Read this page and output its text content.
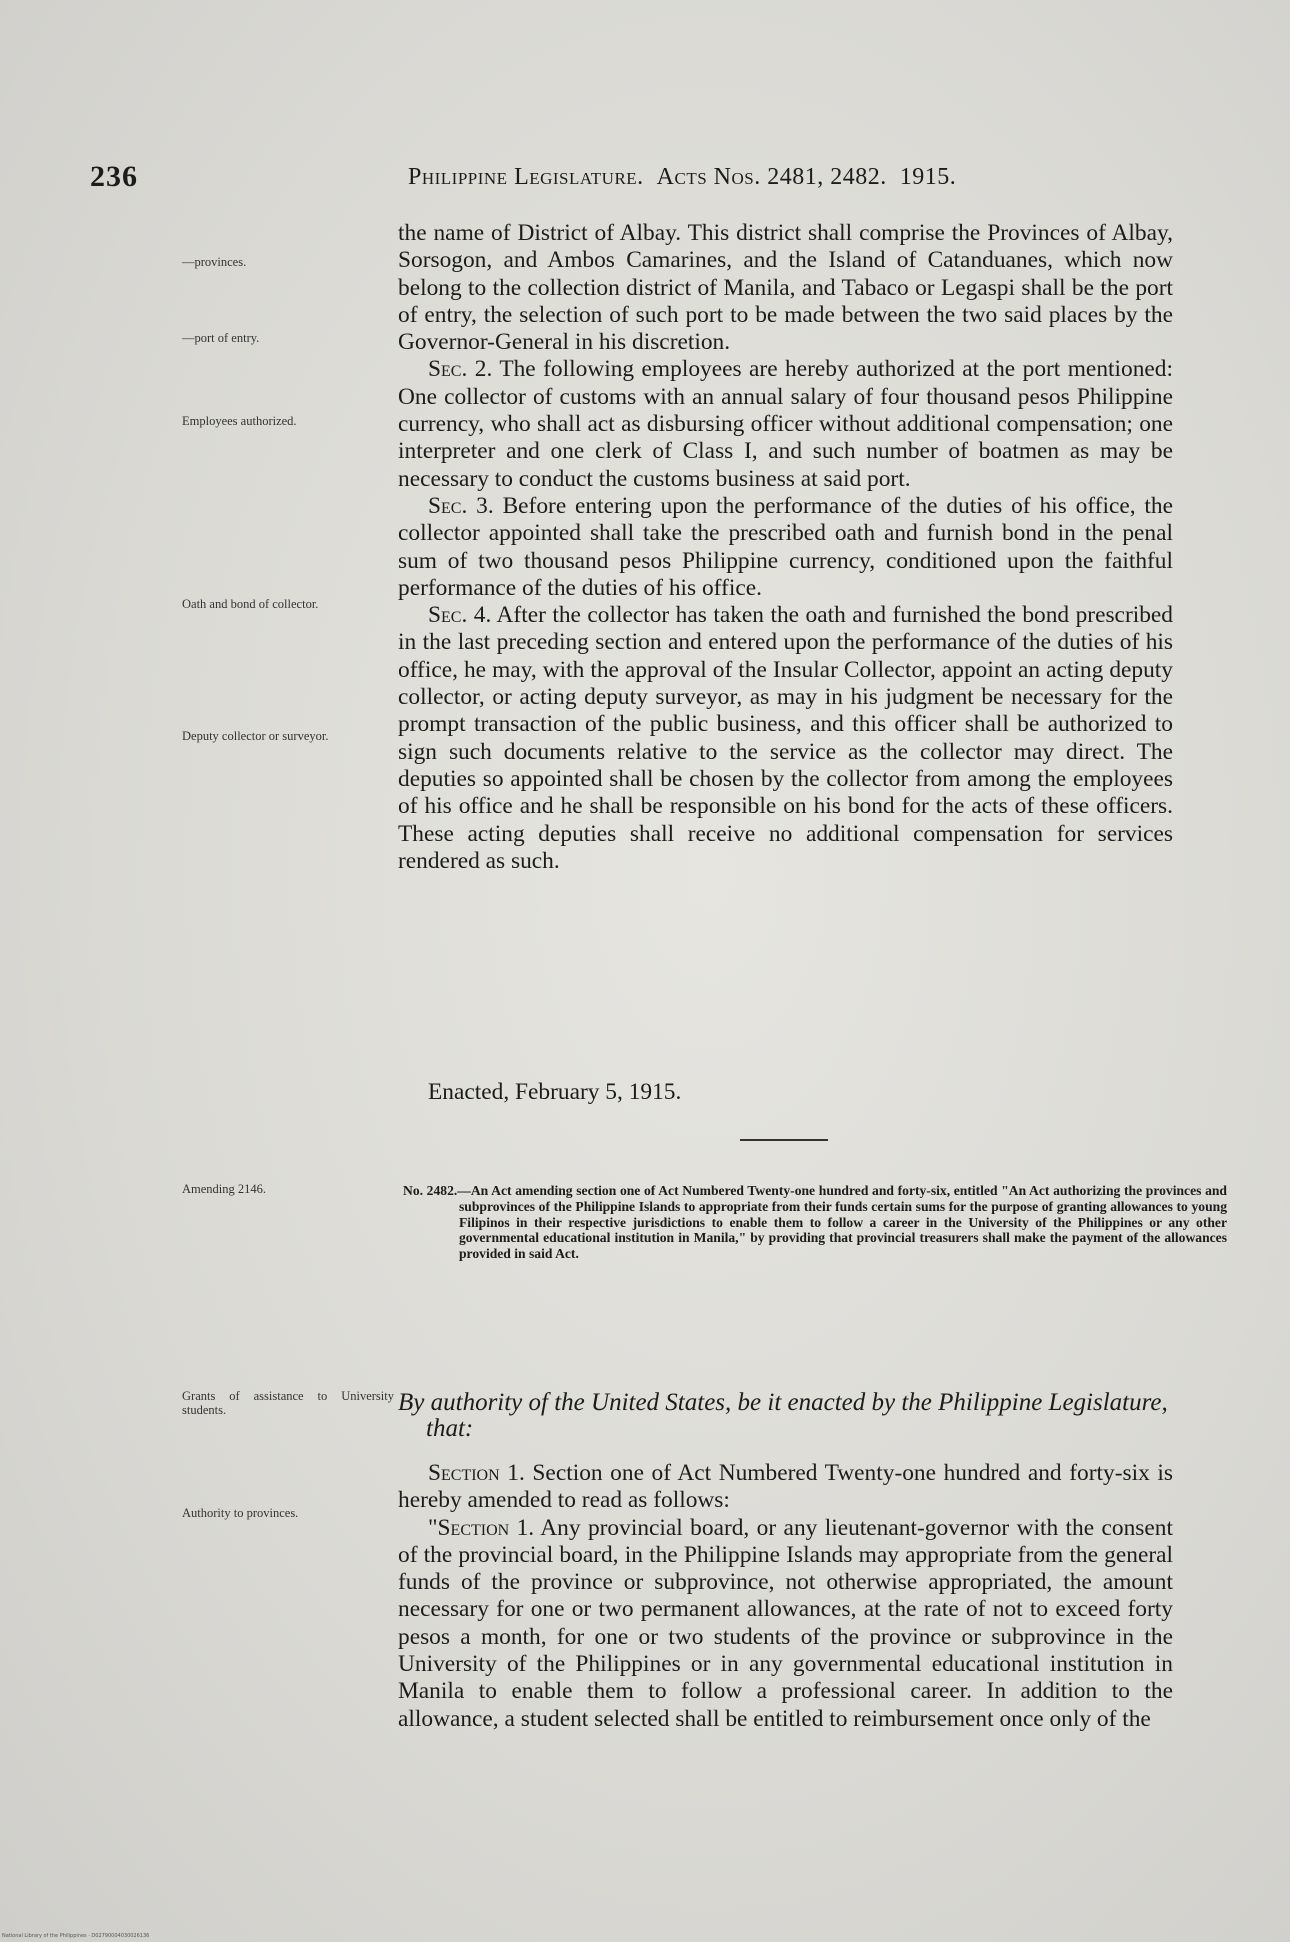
236	Philippine Legislature. Acts Nos. 2481, 2482. 1915.
—provinces.
—port of entry.
Employees authorized.
Oath and bond of collector.
Deputy collector or surveyor.
Amending 2146.
Grants of assistance to University students.
Authority to provinces.

the name of District of Albay. This district shall comprise the Provinces of Albay, Sorsogon, and Ambos Camarines, and the Island of Catanduanes, which now belong to the collection district of Manila, and Tabaco or Legaspi shall be the port of entry, the selection of such port to be made between the two said places by the Governor-General in his discretion.

Sec. 2. The following employees are hereby authorized at the port mentioned: One collector of customs with an annual salary of four thousand pesos Philippine currency, who shall act as disbursing officer without additional compensation; one interpreter and one clerk of Class I, and such number of boatmen as may be necessary to conduct the customs business at said port.

Sec. 3. Before entering upon the performance of the duties of his office, the collector appointed shall take the prescribed oath and furnish bond in the penal sum of two thousand pesos Philippine currency, conditioned upon the faithful performance of the duties of his office.

Sec. 4. After the collector has taken the oath and furnished the bond prescribed in the last preceding section and entered upon the performance of the duties of his office, he may, with the approval of the Insular Collector, appoint an acting deputy collector, or acting deputy surveyor, as may in his judgment be necessary for the prompt transaction of the public business, and this officer shall be authorized to sign such documents relative to the service as the collector may direct. The deputies so appointed shall be chosen by the collector from among the employees of his office and he shall be responsible on his bond for the acts of these officers. These acting deputies shall receive no additional compensation for services rendered as such.

Enacted, February 5, 1915.
No. 2482.—An Act amending section one of Act Numbered Twenty-one hundred and forty-six, entitled "An Act authorizing the provinces and subprovinces of the Philippine Islands to appropriate from their funds certain sums for the purpose of granting allowances to young Filipinos in their respective jurisdictions to enable them to follow a career in the University of the Philippines or any other governmental educational institution in Manila," by providing that provincial treasurers shall make the payment of the allowances provided in said Act.
By authority of the United States, be it enacted by the Philippine Legislature, that:

Section 1. Section one of Act Numbered Twenty-one hundred and forty-six is hereby amended to read as follows:

"Section 1. Any provincial board, or any lieutenant-governor with the consent of the provincial board, in the Philippine Islands may appropriate from the general funds of the province or subprovince, not otherwise appropriated, the amount necessary for one or two permanent allowances, at the rate of not to exceed forty pesos a month, for one or two students of the province or subprovince in the University of the Philippines or in any governmental educational institution in Manila to enable them to follow a professional career. In addition to the allowance, a student selected shall be entitled to reimbursement once only of the

National Library of the Philippines · D02790004030026136
